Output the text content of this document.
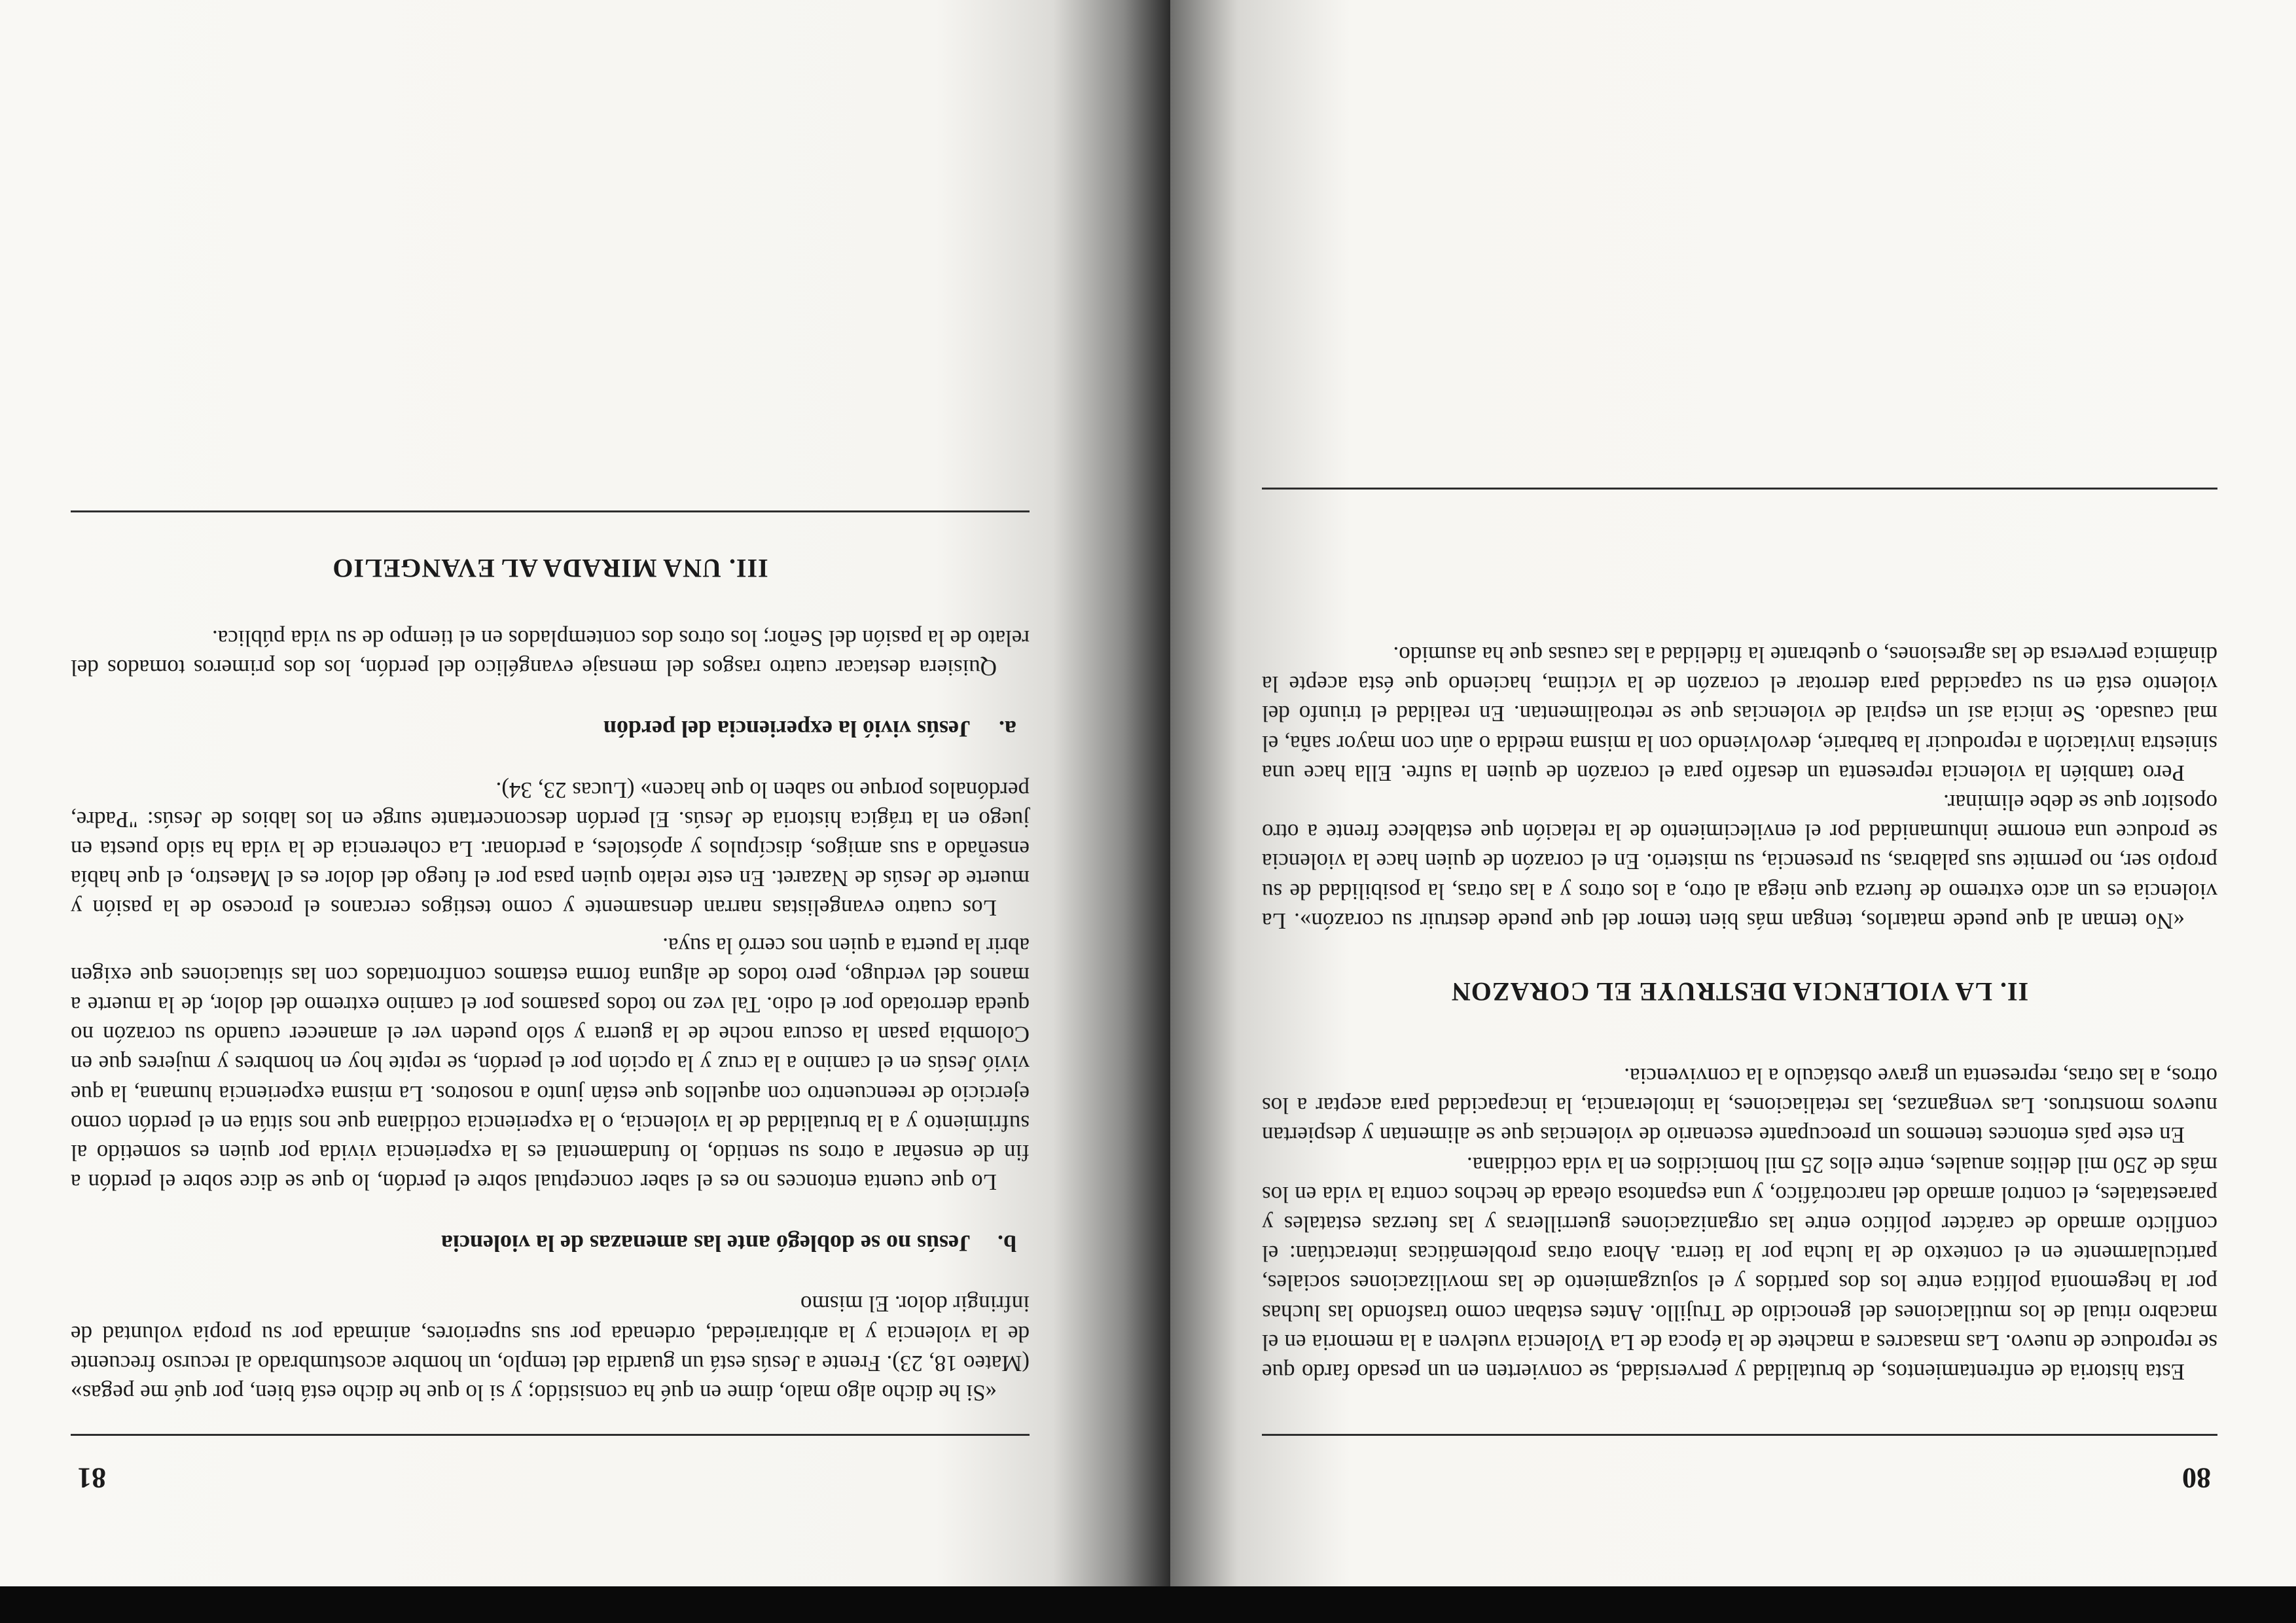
80

Esta historia de enfrentamientos, de brutalidad y perversidad, se convierten en un pesado fardo que se reproduce de nuevo. Las masacres a machete de la época de La Violencia vuelven a la memoria en el macabro ritual de los mutilaciones del genocidio de Trujillo. Antes estaban como trasfondo las luchas por la hegemonía política entre los dos partidos y el sojuzgamiento de las movilizaciones sociales, particularmente en el contexto de la lucha por la tierra. Ahora otras problemáticas interactúan: el conflicto armado de carácter político entre las organizaciones guerrilleras y las fuerzas estatales y paraestatales, el control armado del narcotráfico, y una espantosa oleada de hechos contra la vida en los más de 250 mil delitos anuales, entre ellos 25 mil homicidios en la vida cotidiana.

En este país entonces tenemos un preocupante escenario de violencias que se alimentan y despiertan nuevos monstruos. Las venganzas, las retaliaciones, la intolerancia, la incapacidad para aceptar a los otros, a las otras, representa un grave obstáculo a la convivencia.

II. LA VIOLENCIA DESTRUYE EL CORAZON

«No teman al que puede matarlos, tengan más bien temor del que puede destruir su corazón». La violencia es un acto extremo de fuerza que niega al otro, a los otros y a las otras, la posibilidad de su propio ser, no permite sus palabras, su presencia, su misterio. En el corazón de quien hace la violencia se produce una enorme inhumanidad por el envilecimiento de la relación que establece frente a otro opositor que se debe eliminar.

Pero también la violencia representa un desafío para el corazón de quien la sufre. Ella hace una siniestra invitación a reproducir la barbarie, devolviendo con la misma medida o aún con mayor saña, el mal causado. Se inicia así un espiral de violencias que se retroalimentan. En realidad el triunfo del violento está en su capacidad para derrotar el corazón de la víctima, haciendo que ésta acepte la dinámica perversa de las agresiones, o quebrante la fidelidad a las causas que ha asumido.

81

«Si he dicho algo malo, dime en qué ha consistido; y si lo que he dicho está bien, por qué me pegas» (Mateo 18, 23). Frente a Jesús está un guardia del templo, un hombre acostumbrado al recurso frecuente de la violencia y la arbitrariedad, ordenada por sus superiores, animada por su propia voluntad de infringir dolor. El mismo

b.Jesús no se doblegó ante las amenazas de la violencia

Lo que cuenta entonces no es el saber conceptual sobre el perdón, lo que se dice sobre el perdón a fin de enseñar a otros su sentido, lo fundamental es la experiencia vivida por quien es sometido al sufrimiento y a la brutalidad de la violencia, o la experiencia cotidiana que nos sitúa en el perdón como ejercicio de reencuentro con aquellos que están junto a nosotros. La misma experiencia humana, la que vivió Jesús en el camino a la cruz y la opción por el perdón, se repite hoy en hombres y mujeres que en Colombia pasan la oscura noche de la guerra y sólo pueden ver el amanecer cuando su corazón no queda derrotado por el odio. Tal vez no todos pasamos por el camino extremo del dolor, de la muerte a manos del verdugo, pero todos de alguna forma estamos confrontados con las situaciones que exigen abrir la puerta a quien nos cerró la suya.

Los cuatro evangelistas narran densamente y como testigos cercanos el proceso de la pasión y muerte de Jesús de Nazaret. En este relato quien pasa por el fuego del dolor es el Maestro, el que había enseñado a sus amigos, discípulos y apóstoles, a perdonar. La coherencia de la vida ha sido puesta en juego en la trágica historia de Jesús. El perdón desconcertante surge en los labios de Jesús: "Padre, perdónalos porque no saben lo que hacen» (Lucas 23, 34).

a.Jesús vivió la experiencia del perdón

Quisiera destacar cuatro rasgos del mensaje evangélico del perdón, los dos primeros tomados del relato de la pasión del Señor; los otros dos contemplados en el tiempo de su vida pública.

III. UNA MIRADA AL EVANGELIO
